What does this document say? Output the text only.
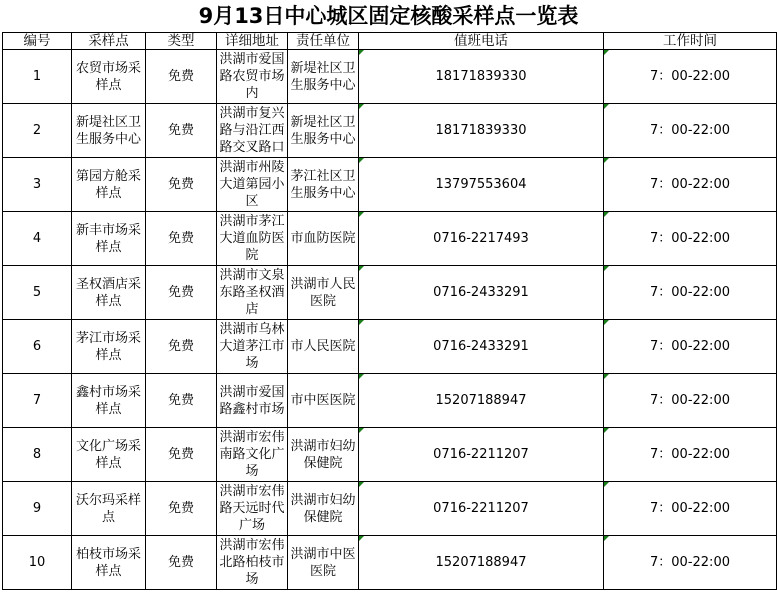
9月13日中心城区固定核酸采样点一览表
编号	采样点	类型	详细地址	责任单位	值班电话	工作时间
1	农贸市场采样点	免费	洪湖市爱国路农贸市场内	新堤社区卫生服务中心	18171839330	7：00-22:00
2	新堤社区卫生服务中心	免费	洪湖市复兴路与沿江西路交叉路口	新堤社区卫生服务中心	18171839330	7：00-22:00
3	第园方舱采样点	免费	洪湖市州陵大道第园小区	茅江社区卫生服务中心	13797553604	7：00-22:00
4	新丰市场采样点	免费	洪湖市茅江大道血防医院	市血防医院	0716-2217493	7：00-22:00
5	圣权酒店采样点	免费	洪湖市文泉东路圣权酒店	洪湖市人民医院	0716-2433291	7：00-22:00
6	茅江市场采样点	免费	洪湖市乌林大道茅江市场	市人民医院	0716-2433291	7：00-22:00
7	鑫村市场采样点	免费	洪湖市爱国路鑫村市场	市中医医院	15207188947	7：00-22:00
8	文化广场采样点	免费	洪湖市宏伟南路文化广场	洪湖市妇幼保健院	0716-2211207	7：00-22:00
9	沃尔玛采样点	免费	洪湖市宏伟路天远时代广场	洪湖市妇幼保健院	0716-2211207	7：00-22:00
10	柏枝市场采样点	免费	洪湖市宏伟北路柏枝市场	洪湖市中医医院	15207188947	7：00-22:00
